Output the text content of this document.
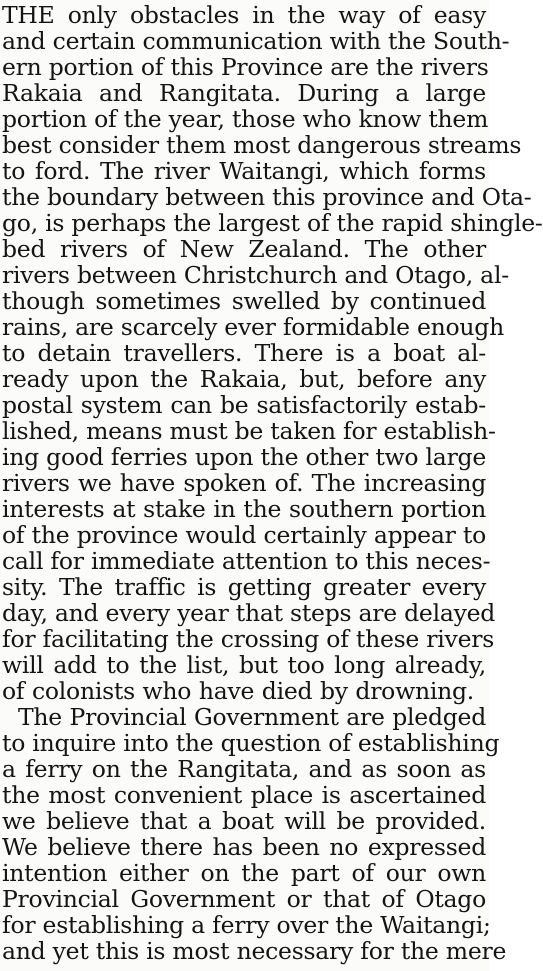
THE only obstacles in the way of easy
and certain communication with the South-
ern portion of this Province are the rivers
Rakaia and Rangitata. During a large
portion of the year, those who know them
best consider them most dangerous streams
to ford. The river Waitangi, which forms
the boundary between this province and Ota-
go, is perhaps the largest of the rapid shingle-
bed rivers of New Zealand. The other
rivers between Christchurch and Otago, al-
though sometimes swelled by continued
rains, are scarcely ever formidable enough
to detain travellers. There is a boat al-
ready upon the Rakaia, but, before any
postal system can be satisfactorily estab-
lished, means must be taken for establish-
ing good ferries upon the other two large
rivers we have spoken of. The increasing
interests at stake in the southern portion
of the province would certainly appear to
call for immediate attention to this neces-
sity. The traffic is getting greater every
day, and every year that steps are delayed
for facilitating the crossing of these rivers
will add to the list, but too long already,
of colonists who have died by drowning.
The Provincial Government are pledged
to inquire into the question of establishing
a ferry on the Rangitata, and as soon as
the most convenient place is ascertained
we believe that a boat will be provided.
We believe there has been no expressed
intention either on the part of our own
Provincial Government or that of Otago
for establishing a ferry over the Waitangi;
and yet this is most necessary for the mere
